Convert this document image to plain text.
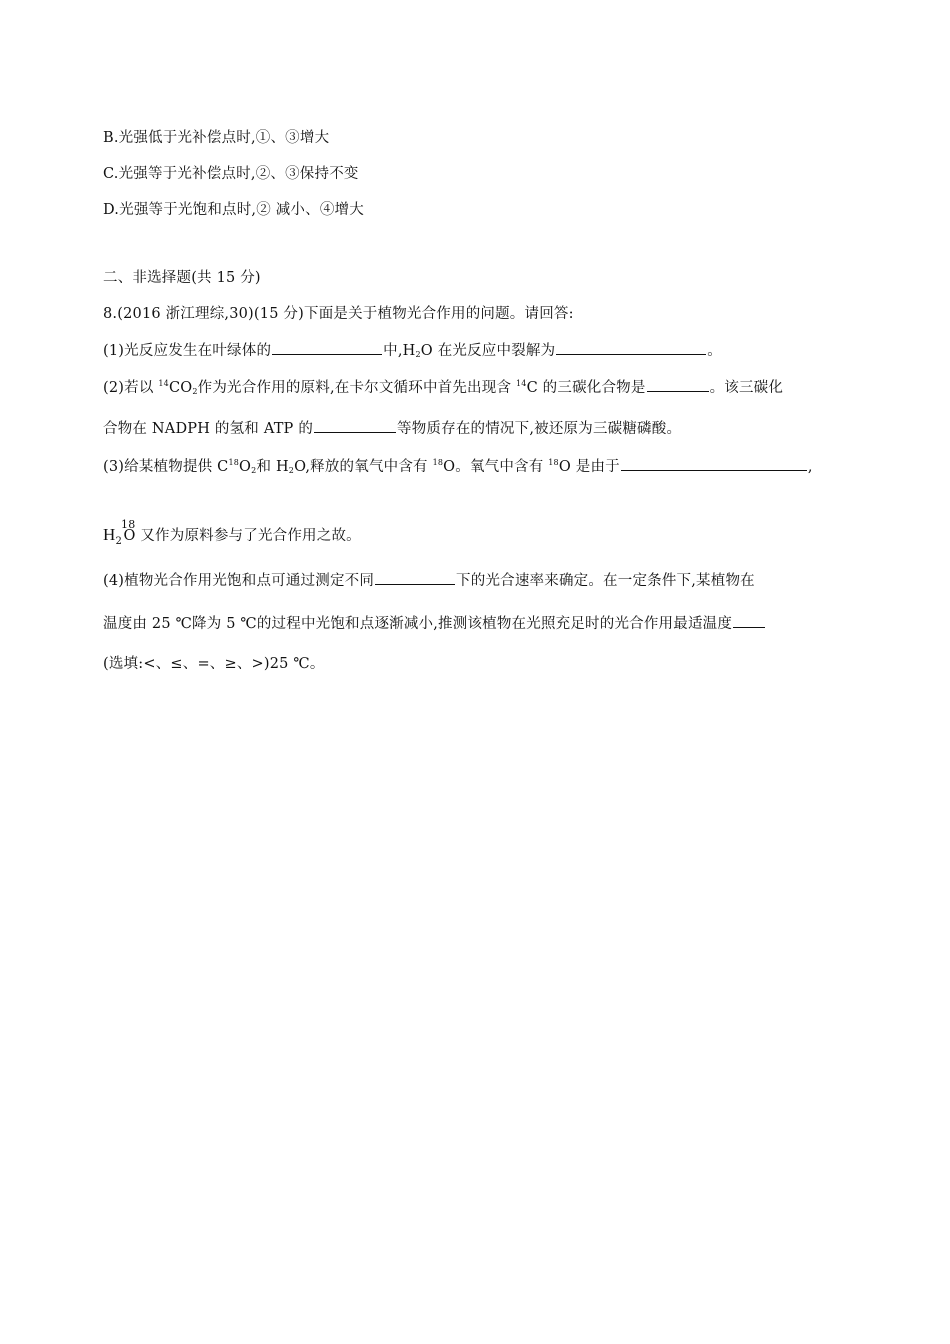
B.光强低于光补偿点时,①、③增大
C.光强等于光补偿点时,②、③保持不变
D.光强等于光饱和点时,② 减小、④增大
二、非选择题(共 15 分)
8.(2016 浙江理综,30)(15 分)下面是关于植物光合作用的问题。请回答:
(1)光反应发生在叶绿体的	中$,H_2O$ 在光反应中裂解为	。
(2)若以 $^{14}CO_2$作为光合作用的原料,在卡尔文循环中首先出现含 $^{14}$C 的三碳化合物是	。该三碳化
合物在 NADPH 的氢和 ATP 的	等物质存在的情况下,被还原为三碳糖磷酸。
(3)给某植物提供 $C^{18}O_2$和 $H_2O$,释放的氧气中含有 $^{18}$O。氧气中含有 $^{18}$O 是由于	,
$H_2^{18}O$ 又作为原料参与了光合作用之故。
(4)植物光合作用光饱和点可通过测定不同	下的光合速率来确定。在一定条件下,某植物在
温度由 25 ℃降为 5 ℃的过程中光饱和点逐渐减小,推测该植物在光照充足时的光合作用最适温度
(选填:<、≤、=、≥、>)25 ℃。
